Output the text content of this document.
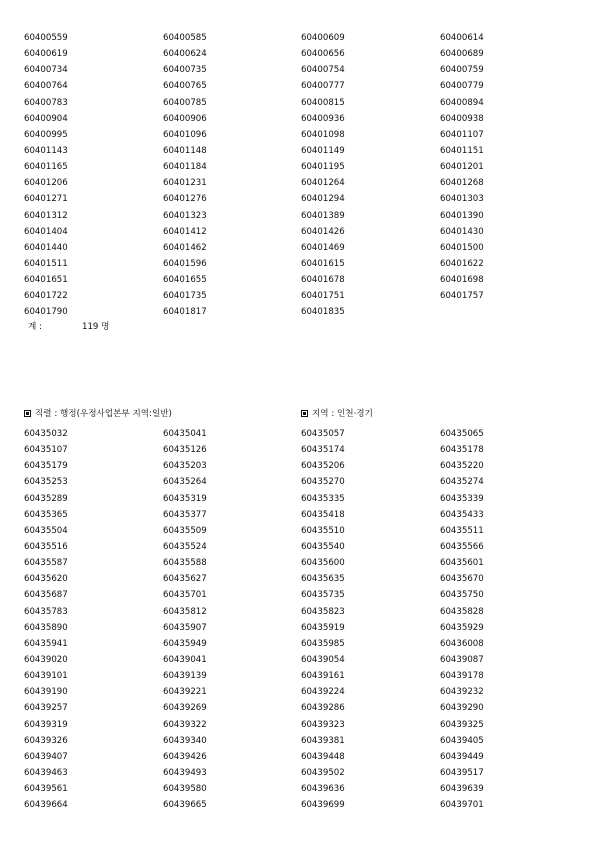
60400559	60400585	60400609	60400614
60400619	60400624	60400656	60400689
60400734	60400735	60400754	60400759
60400764	60400765	60400777	60400779
60400783	60400785	60400815	60400894
60400904	60400906	60400936	60400938
60400995	60401096	60401098	60401107
60401143	60401148	60401149	60401151
60401165	60401184	60401195	60401201
60401206	60401231	60401264	60401268
60401271	60401276	60401294	60401303
60401312	60401323	60401389	60401390
60401404	60401412	60401426	60401430
60401440	60401462	60401469	60401500
60401511	60401596	60401615	60401622
60401651	60401655	60401678	60401698
60401722	60401735	60401751	60401757
60401790	60401817	60401835
계 :	119 명
직렬 : 행정(우정사업본부 지역:일반)	지역 : 인천·경기
60435032	60435041	60435057	60435065
60435107	60435126	60435174	60435178
60435179	60435203	60435206	60435220
60435253	60435264	60435270	60435274
60435289	60435319	60435335	60435339
60435365	60435377	60435418	60435433
60435504	60435509	60435510	60435511
60435516	60435524	60435540	60435566
60435587	60435588	60435600	60435601
60435620	60435627	60435635	60435670
60435687	60435701	60435735	60435750
60435783	60435812	60435823	60435828
60435890	60435907	60435919	60435929
60435941	60435949	60435985	60436008
60439020	60439041	60439054	60439087
60439101	60439139	60439161	60439178
60439190	60439221	60439224	60439232
60439257	60439269	60439286	60439290
60439319	60439322	60439323	60439325
60439326	60439340	60439381	60439405
60439407	60439426	60439448	60439449
60439463	60439493	60439502	60439517
60439561	60439580	60439636	60439639
60439664	60439665	60439699	60439701
